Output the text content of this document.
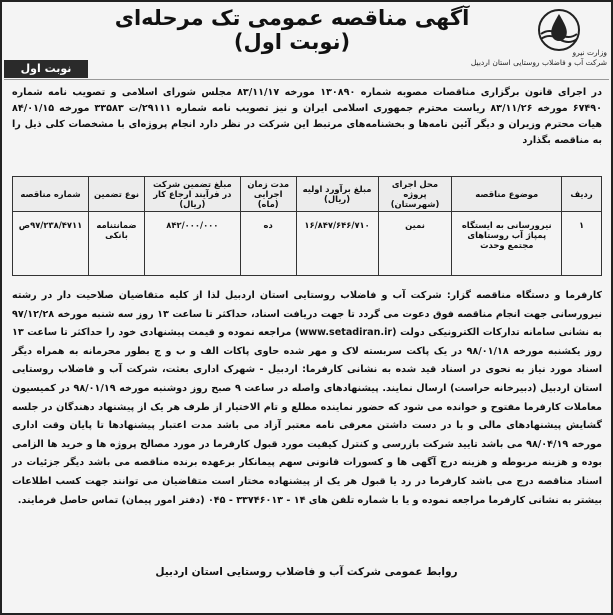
آگهی مناقصه عمومی تک مرحله‌ای (نوبت اول)	وزارت نیرو
شرکت آب و فاضلاب روستایی استان اردبیل
نوبت اول
در اجرای قانون برگزاری مناقصات مصوبه شماره ۱۳۰۸۹۰ مورخه ۸۳/۱۱/۱۷ مجلس شورای اسلامی و تصویب نامه شماره ۶۷۴۹۰ مورخه ۸۳/۱۱/۲۶ ریاست محترم جمهوری اسلامی ایران و نیز تصویب نامه شماره ۲۹۱۱۱/ت ۳۳۵۸۳ مورخه ۸۴/۰۱/۱۵ هیات محترم وزیران و دیگر آئین نامه‌ها و بخشنامه‌های مرتبط این شرکت در نظر دارد انجام پروژه‌ای با مشخصات کلی ذیل را به مناقصه بگذارد
ردیف	موضوع مناقصه	محل اجرای پروژه (شهرستان)	مبلغ برآورد اولیه (ریال)	مدت زمان اجرایی (ماه)	مبلغ تضمین شرکت در فرآیند ارجاع کار (ریال)	نوع تضمین	شماره مناقصه
۱	نیرورسانی به ایستگاه پمپاژ آب روستاهای مجتمع وحدت	نمین	۱۶/۸۴۷/۶۴۶/۷۱۰	ده	۸۴۲/۰۰۰/۰۰۰	ضمانتنامه بانکی	۹۷/۲۳۸/۴۷۱۱ص
کارفرما و دستگاه مناقصه گزار: شرکت آب و فاضلاب روستایی استان اردبیل لذا از کلیه متقاضیان صلاحیت دار در رشته نیرورسانی جهت انجام مناقصه فوق دعوت می گردد تا جهت دریافت اسناد، حداکثر تا ساعت ۱۳ روز سه شنبه مورخه ۹۷/۱۲/۲۸ به نشانی سامانه تدارکات الکترونیکی دولت (www.setadiran.ir) مراجعه نموده و قیمت پیشنهادی خود را حداکثر تا ساعت ۱۳ روز یکشنبه مورخه ۹۸/۰۱/۱۸ در یک پاکت سربسته لاک و مهر شده حاوی پاکات الف و ب و ج بطور محرمانه به همراه دیگر اسناد مورد نیاز به نحوی در اسناد قید شده به نشانی کارفرما: اردبیل - شهرک اداری بعثت، شرکت آب و فاضلاب روستایی استان اردبیل (دبیرخانه حراست) ارسال نمایند. پیشنهادهای واصله در ساعت ۹ صبح روز دوشنبه مورخه ۹۸/۰۱/۱۹ در کمیسیون معاملات کارفرما مفتوح و خوانده می شود که حضور نماینده مطلع و تام الاختیار از طرف هر یک از پیشنهاد دهندگان در جلسه گشایش پیشنهادهای مالی و با در دست داشتن معرفی نامه معتبر آزاد می باشد مدت اعتبار پیشنهادها تا پایان وقت اداری مورخه ۹۸/۰۴/۱۹ می باشد تایید شرکت بازرسی و کنترل کیفیت مورد قبول کارفرما در مورد مصالح پروژه ها و خرید ها الزامی بوده و هزینه مربوطه و هزینه درج آگهی ها و کسورات قانونی سهم پیمانکار برعهده برنده مناقصه می باشد دیگر جزئیات در اسناد مناقصه درج می باشد کارفرما در رد یا قبول هر یک از پیشنهاده مختار است متقاضیان می توانند جهت کسب اطلاعات بیشتر به نشانی کارفرما مراجعه نموده و یا با شماره تلفن های ۱۴ - ۳۳۷۴۶۰۱۳ - ۰۴۵ (دفتر امور پیمان) تماس حاصل فرمایند.
روابط عمومی شرکت آب و فاضلاب روستایی استان اردبیل
